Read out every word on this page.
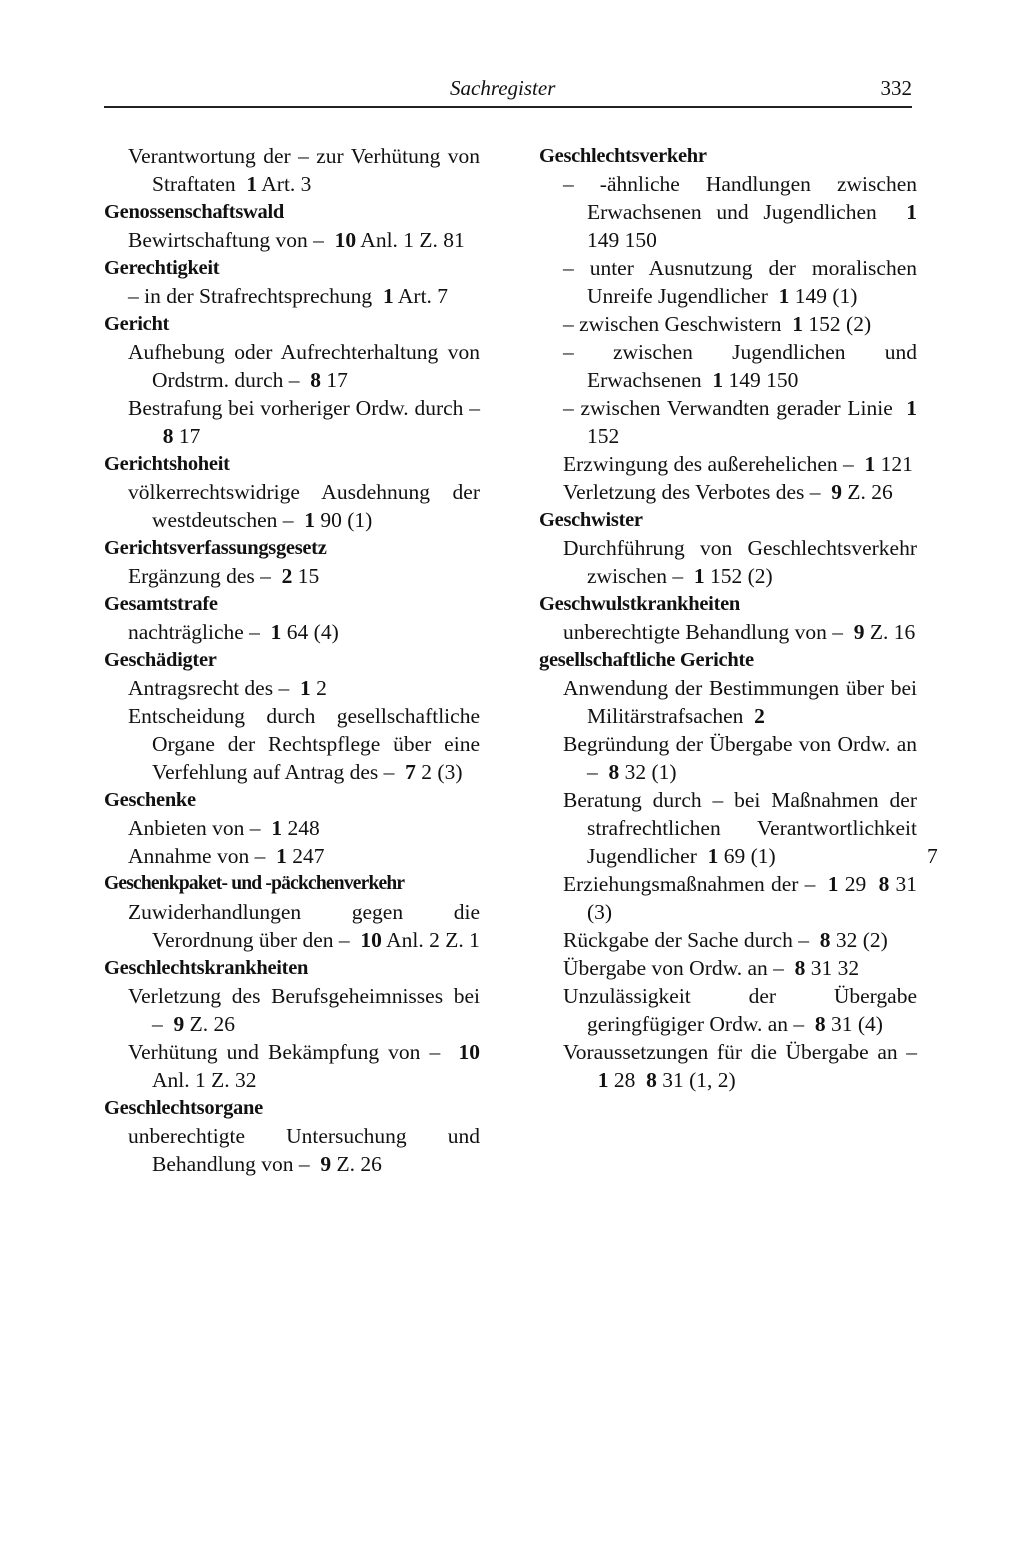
Sachregister	332
Verantwortung der – zur Verhütung von Straftaten 1 Art. 3
Genossenschaftswald
Bewirtschaftung von – 10 Anl. 1 Z. 81
Gerechtigkeit
– in der Strafrechtsprechung 1 Art. 7
Gericht
Aufhebung oder Aufrechterhaltung von Ordstrm. durch – 8 17
Bestrafung bei vorheriger Ordw. durch –  8 17
Gerichtshoheit
völkerrechtswidrige Ausdehnung der westdeutschen – 1 90 (1)
Gerichtsverfassungsgesetz
Ergänzung des – 2 15
Gesamtstrafe
nachträgliche – 1 64 (4)
Geschädigter
Antragsrecht des – 1 2
Entscheidung durch gesellschaftliche Organe der Rechtspflege über eine Verfehlung auf Antrag des – 7 2 (3)
Geschenke
Anbieten von – 1 248
Annahme von – 1 247
Geschenkpaket- und -päckchenverkehr
Zuwiderhandlungen gegen die Verordnung über den – 10 Anl. 2 Z. 1
Geschlechtskrankheiten
Verletzung des Berufsgeheimnisses bei – 9 Z. 26
Verhütung und Bekämpfung von – 10 Anl. 1 Z. 32
Geschlechtsorgane
unberechtigte Untersuchung und Behandlung von – 9 Z. 26
Geschlechtsverkehr
– -ähnliche Handlungen zwischen Erwachsenen und Jugendlichen 1 149 150
– unter Ausnutzung der moralischen Unreife Jugendlicher 1 149 (1)
– zwischen Geschwistern 1 152 (2)
– zwischen Jugendlichen und Erwachsenen 1 149 150
– zwischen Verwandten gerader Linie 1 152
Erzwingung des außerehelichen – 1 121
Verletzung des Verbotes des – 9 Z. 26
Geschwister
Durchführung von Geschlechtsverkehr zwischen – 1 152 (2)
Geschwulstkrankheiten
unberechtigte Behandlung von – 9 Z. 16
gesellschaftliche Gerichte
Anwendung der Bestimmungen über bei Militärstrafsachen 2
Begründung der Übergabe von Ordw. an – 8 32 (1)
Beratung durch – bei Maßnahmen der strafrechtlichen Verantwortlichkeit Jugendlicher 1 69 (1)
Erziehungsmaßnahmen der – 1 29  8 31 (3)
Rückgabe der Sache durch – 8 32 (2)
Übergabe von Ordw. an – 8 31 32
Unzulässigkeit der Übergabe geringfügiger Ordw. an – 8 31 (4)
Voraussetzungen für die Übergabe an –  1 28  8 31 (1, 2)
7
